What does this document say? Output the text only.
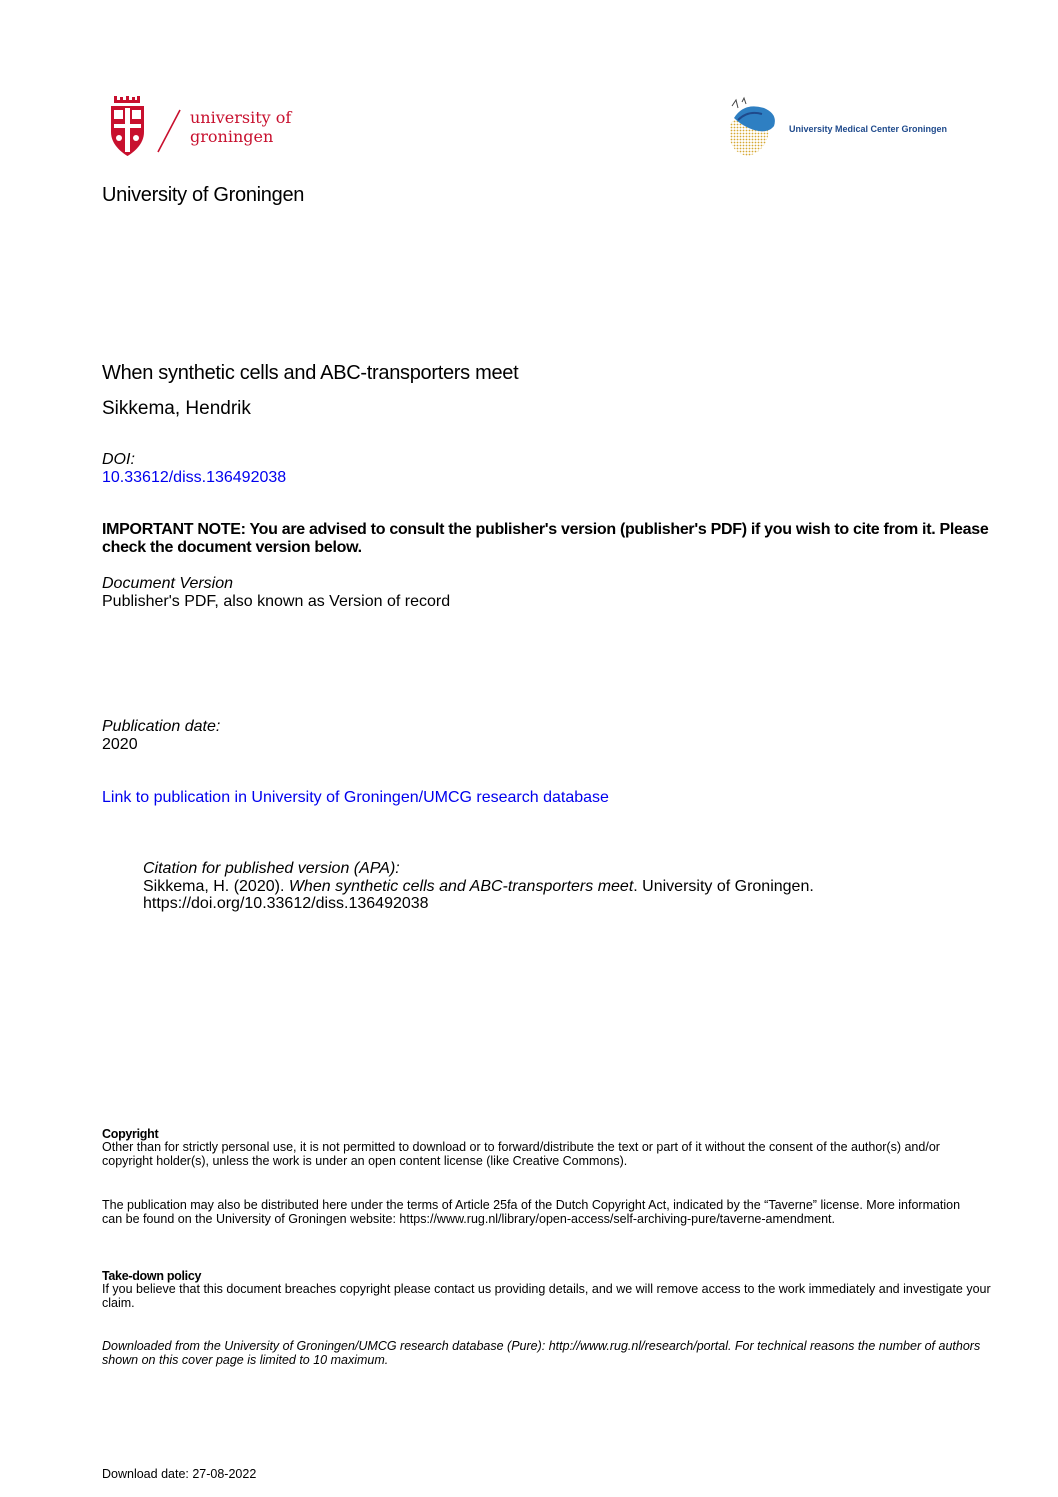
university of
groningen	University Medical Center Groningen
University of Groningen
When synthetic cells and ABC-transporters meet
Sikkema, Hendrik
DOI:
10.33612/diss.136492038
IMPORTANT NOTE: You are advised to consult the publisher's version (publisher's PDF) if you wish to cite from it. Please check the document version below.
Document Version
Publisher's PDF, also known as Version of record
Publication date:
2020
Link to publication in University of Groningen/UMCG research database
Citation for published version (APA):
Sikkema, H. (2020). When synthetic cells and ABC-transporters meet. University of Groningen.
https://doi.org/10.33612/diss.136492038
Copyright
Other than for strictly personal use, it is not permitted to download or to forward/distribute the text or part of it without the consent of the author(s) and/or copyright holder(s), unless the work is under an open content license (like Creative Commons).
The publication may also be distributed here under the terms of Article 25fa of the Dutch Copyright Act, indicated by the “Taverne” license. More information can be found on the University of Groningen website: https://www.rug.nl/library/open-access/self-archiving-pure/taverne-amendment.
Take-down policy
If you believe that this document breaches copyright please contact us providing details, and we will remove access to the work immediately and investigate your claim.
Downloaded from the University of Groningen/UMCG research database (Pure): http://www.rug.nl/research/portal. For technical reasons the number of authors shown on this cover page is limited to 10 maximum.
Download date: 27-08-2022
